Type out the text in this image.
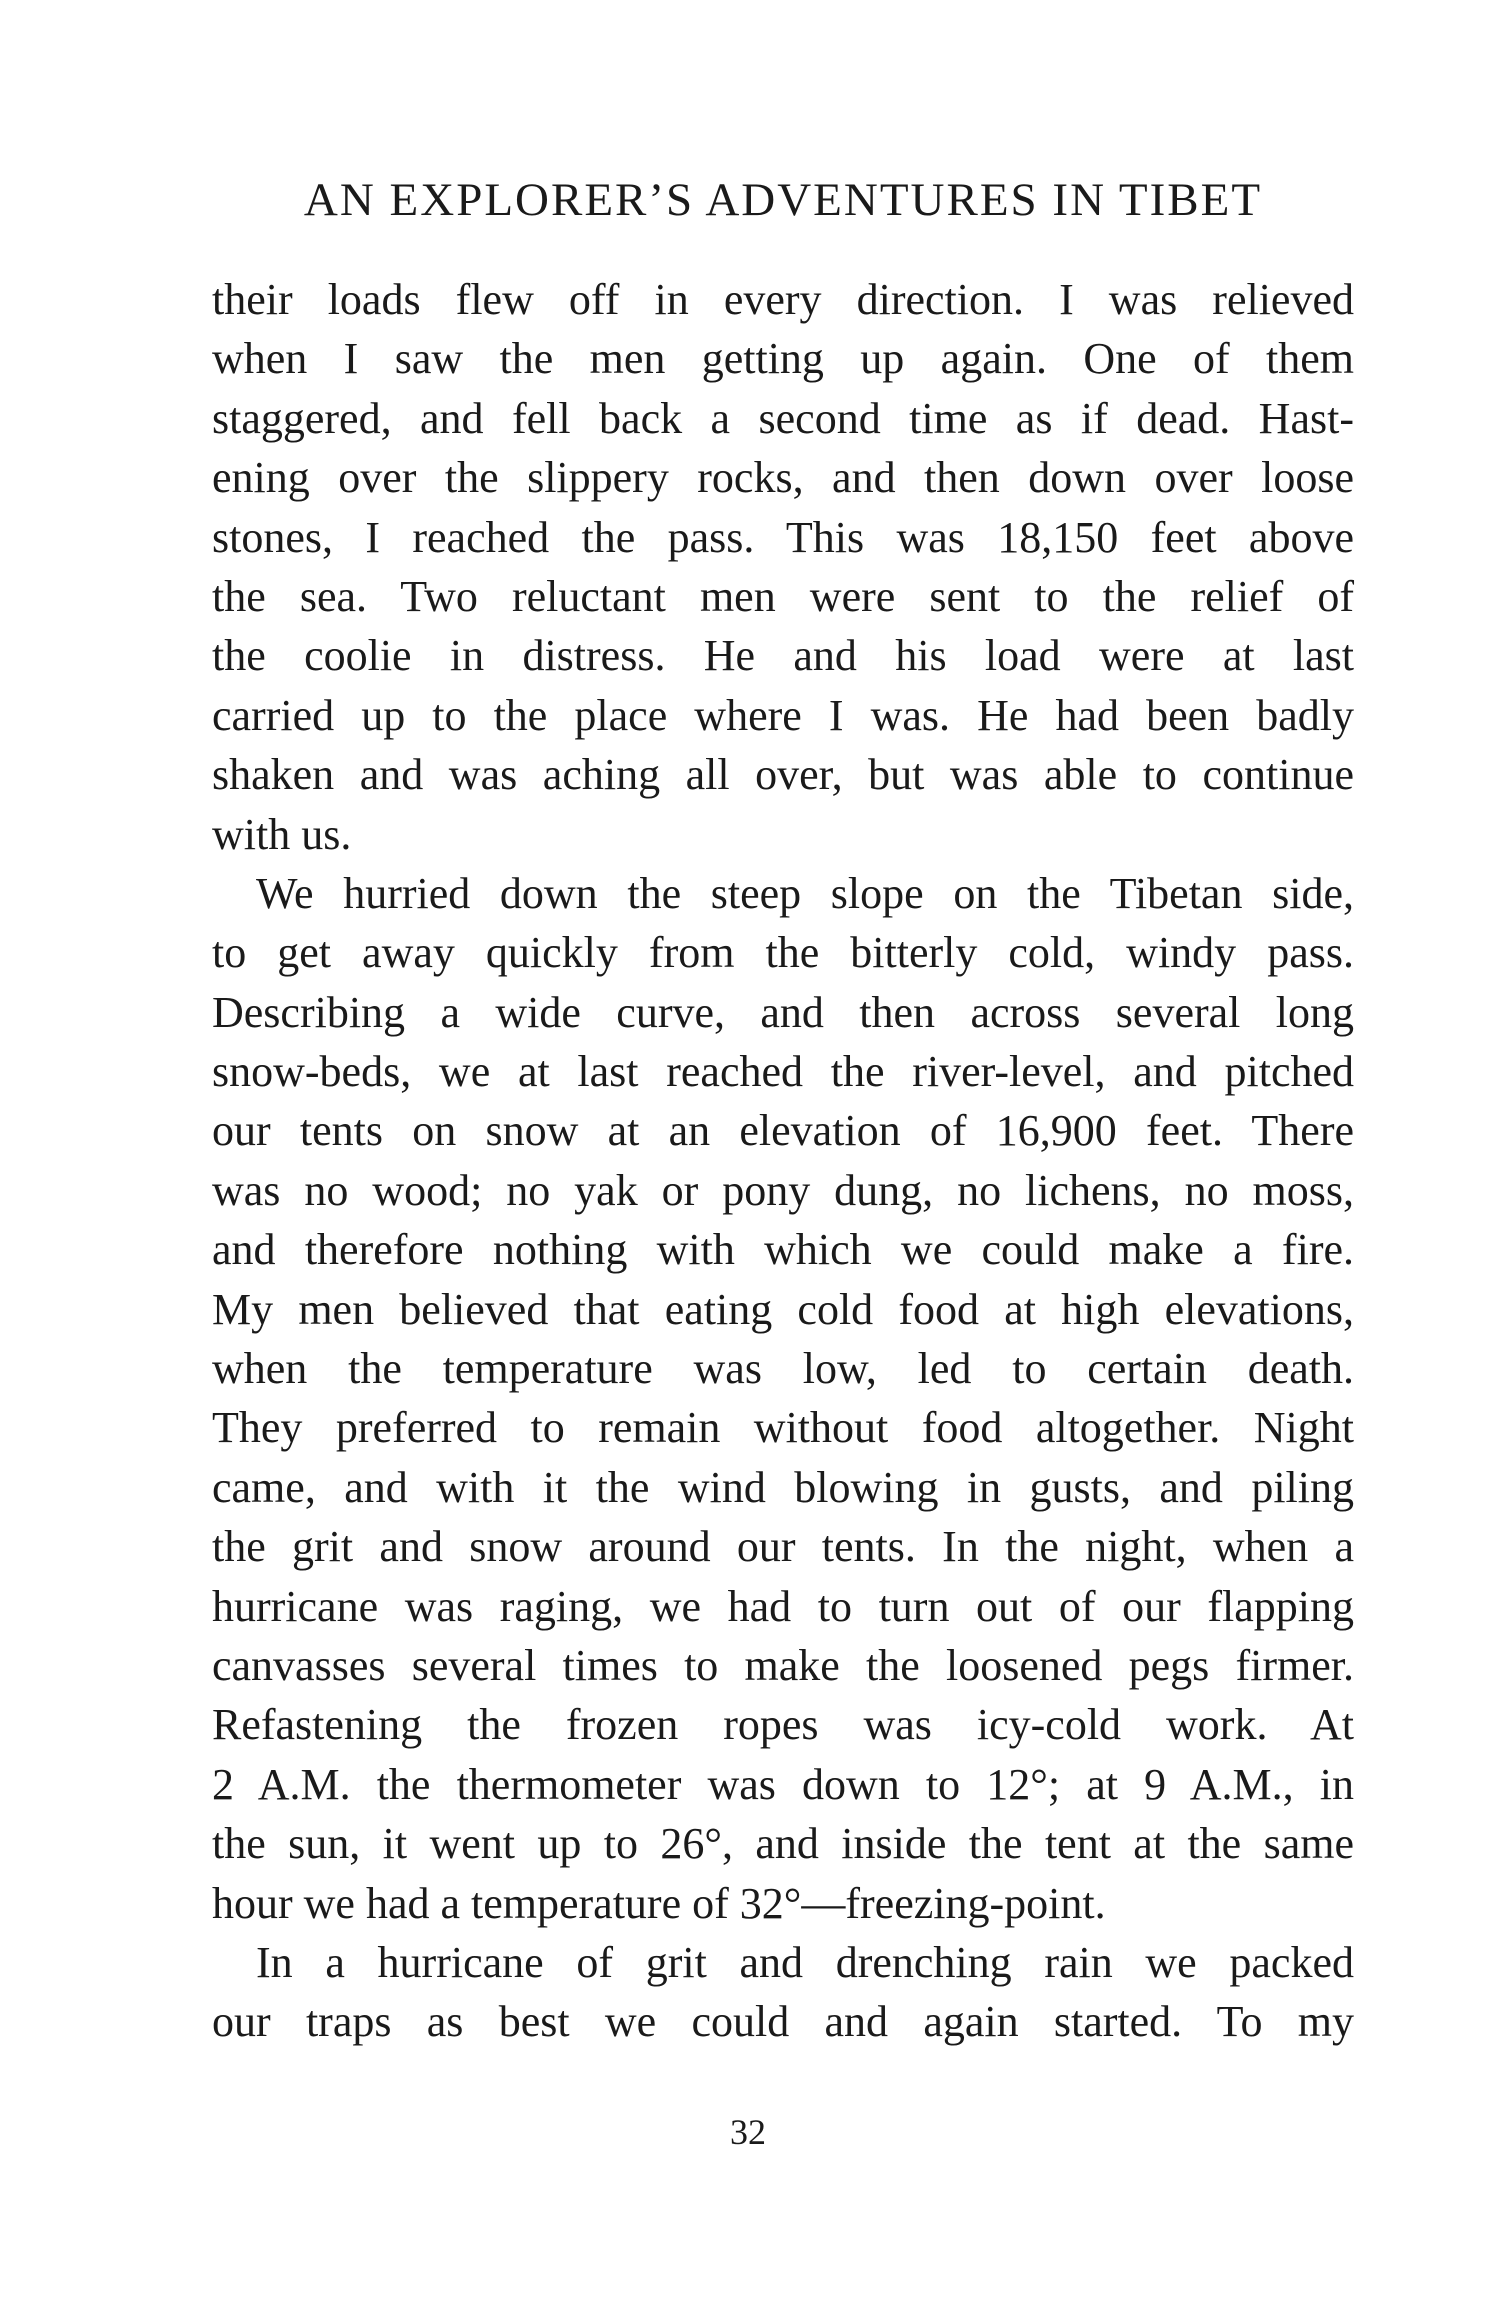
AN EXPLORER’S ADVENTURES IN TIBET
their loads flew off in every direction. I was relieved
when I saw the men getting up again. One of them
staggered, and fell back a second time as if dead. Hast-
ening over the slippery rocks, and then down over loose
stones, I reached the pass. This was 18,150 feet above
the sea. Two reluctant men were sent to the relief of
the coolie in distress. He and his load were at last
carried up to the place where I was. He had been badly
shaken and was aching all over, but was able to continue
with us.
We hurried down the steep slope on the Tibetan side,
to get away quickly from the bitterly cold, windy pass.
Describing a wide curve, and then across several long
snow-beds, we at last reached the river-level, and pitched
our tents on snow at an elevation of 16,900 feet. There
was no wood; no yak or pony dung, no lichens, no moss,
and therefore nothing with which we could make a fire.
My men believed that eating cold food at high elevations,
when the temperature was low, led to certain death.
They preferred to remain without food altogether. Night
came, and with it the wind blowing in gusts, and piling
the grit and snow around our tents. In the night, when a
hurricane was raging, we had to turn out of our flapping
canvasses several times to make the loosened pegs firmer.
Refastening the frozen ropes was icy-cold work. At
2 A.M. the thermometer was down to 12°; at 9 A.M., in
the sun, it went up to 26°, and inside the tent at the same
hour we had a temperature of 32°—freezing-point.
In a hurricane of grit and drenching rain we packed
our traps as best we could and again started. To my
32
